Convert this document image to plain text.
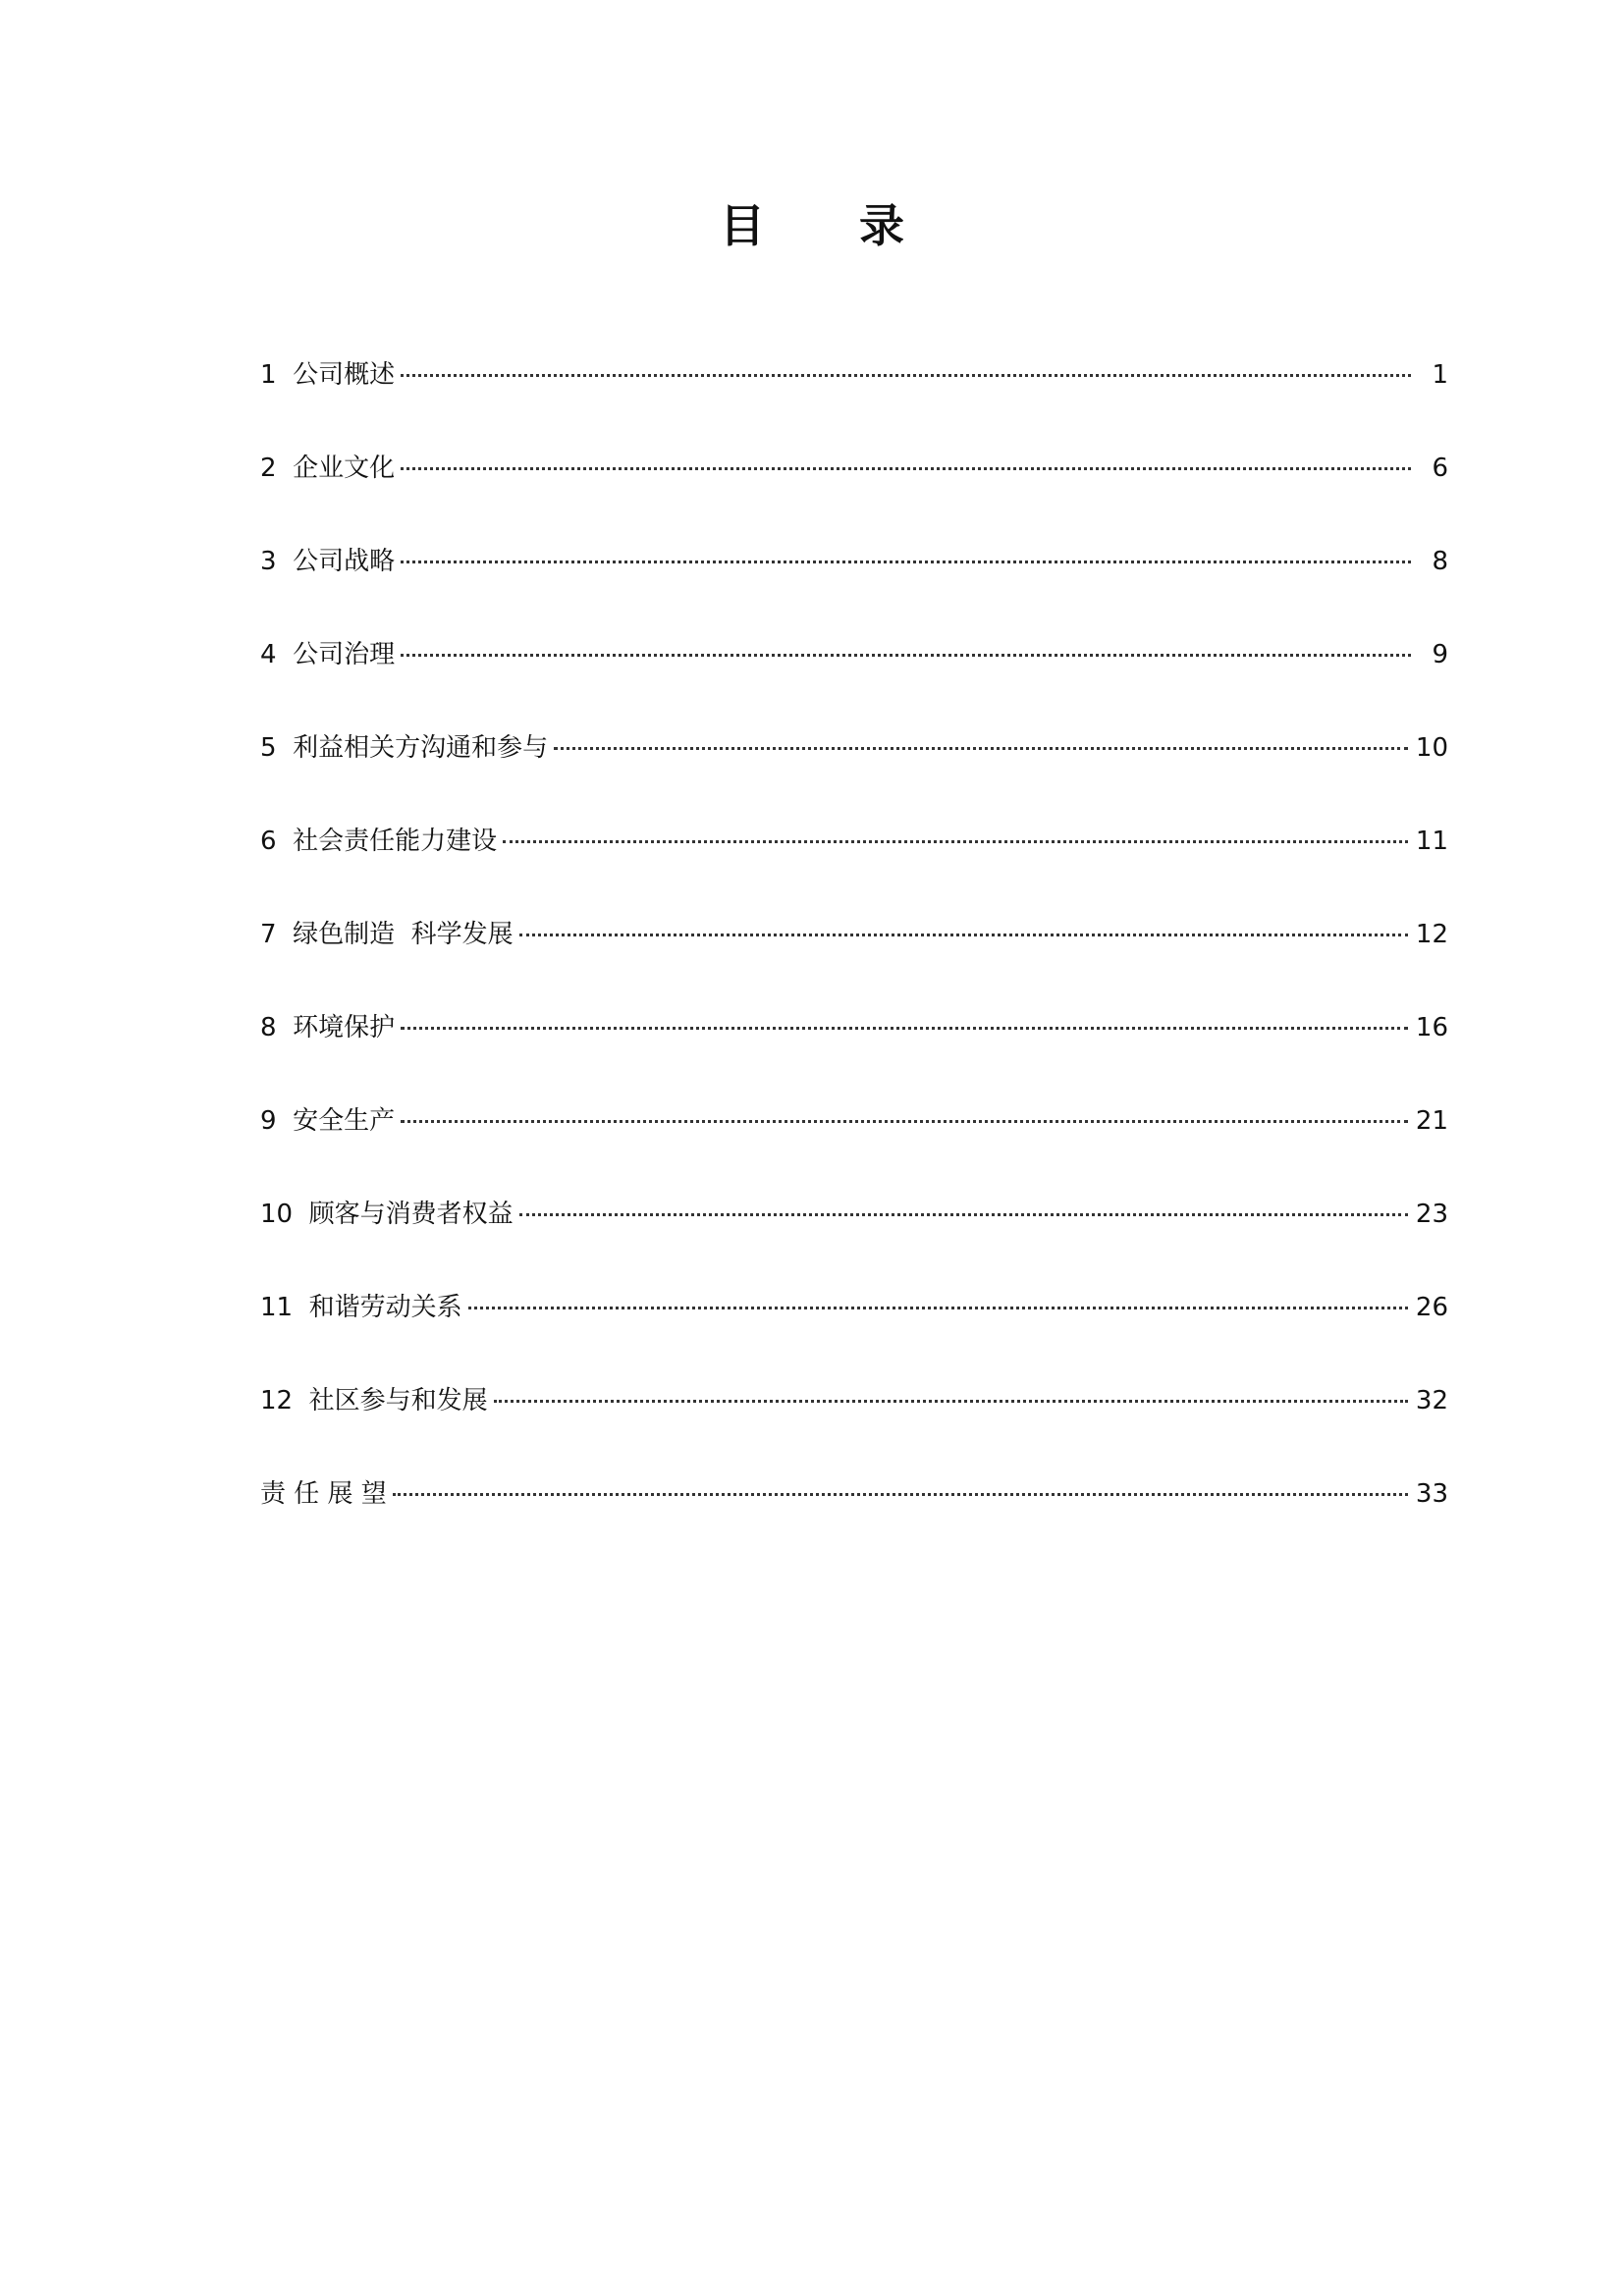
目 录
1  公司概述	1
2  企业文化	6
3  公司战略	8
4  公司治理	9
5  利益相关方沟通和参与	10
6  社会责任能力建设	11
7  绿色制造  科学发展	12
8  环境保护	16
9  安全生产	21
10  顾客与消费者权益	23
11  和谐劳动关系	26
12  社区参与和发展	32
责 任 展 望	33
